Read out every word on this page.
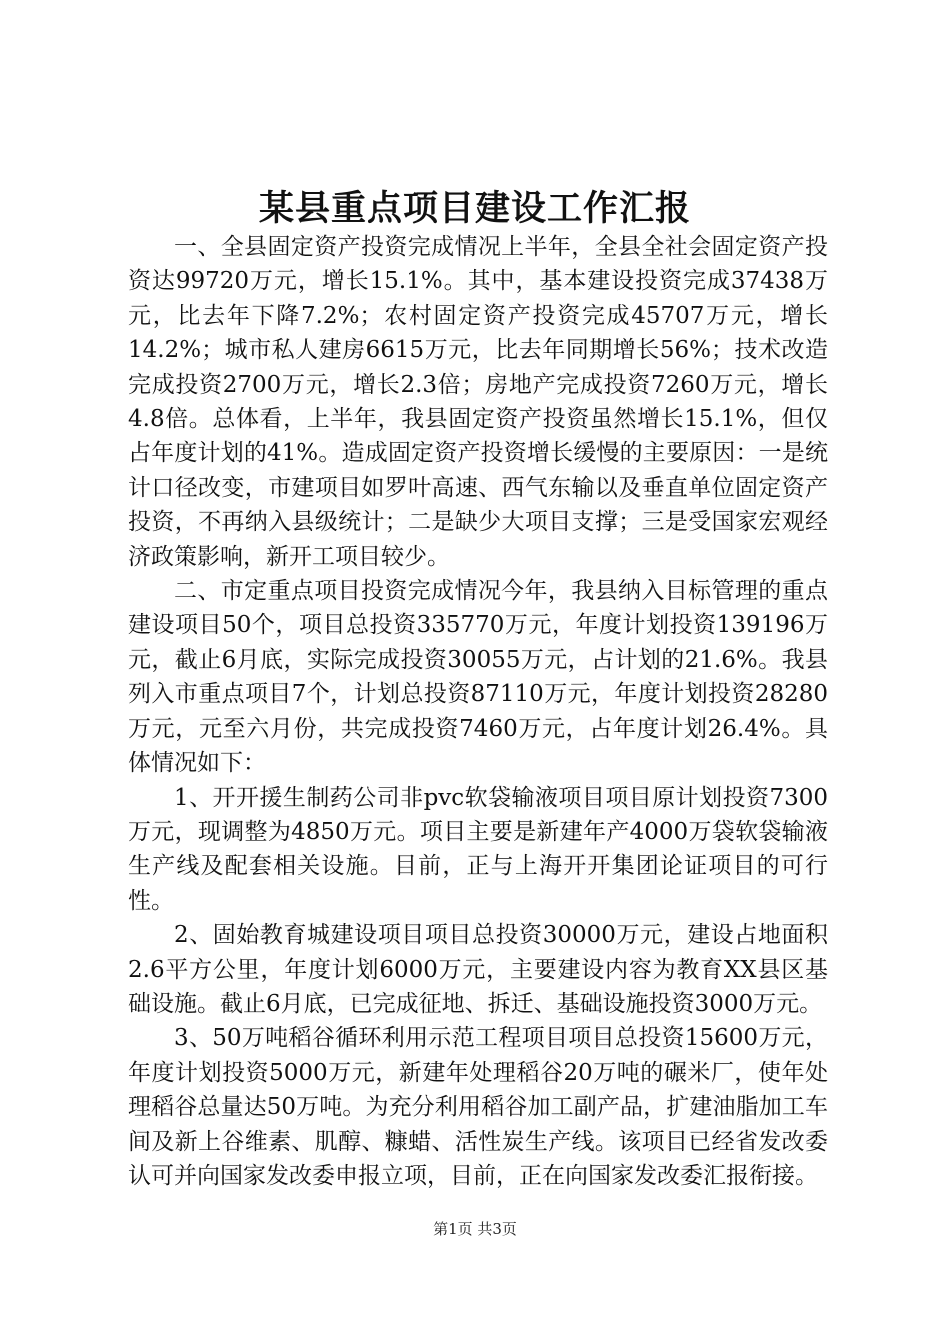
某县重点项目建设工作汇报

一、全县固定资产投资完成情况上半年，全县全社会固定资产投资达99720万元，增长15.1%。其中，基本建设投资完成37438万元，比去年下降7.2%；农村固定资产投资完成45707万元，增长14.2%；城市私人建房6615万元，比去年同期增长56%；技术改造完成投资2700万元，增长2.3倍；房地产完成投资7260万元，增长4.8倍。总体看，上半年，我县固定资产投资虽然增长15.1%，但仅占年度计划的41%。造成固定资产投资增长缓慢的主要原因：一是统计口径改变，市建项目如罗叶高速、西气东输以及垂直单位固定资产投资，不再纳入县级统计；二是缺少大项目支撑；三是受国家宏观经济政策影响，新开工项目较少。

二、市定重点项目投资完成情况今年，我县纳入目标管理的重点建设项目50个，项目总投资335770万元，年度计划投资139196万元，截止6月底，实际完成投资30055万元，占计划的21.6%。我县列入市重点项目7个，计划总投资87110万元，年度计划投资28280万元，元至六月份，共完成投资7460万元，占年度计划26.4%。具体情况如下：

1、开开援生制药公司非pvc软袋输液项目项目原计划投资7300万元，现调整为4850万元。项目主要是新建年产4000万袋软袋输液生产线及配套相关设施。目前，正与上海开开集团论证项目的可行性。

2、固始教育城建设项目项目总投资30000万元，建设占地面积2.6平方公里，年度计划6000万元，主要建设内容为教育XX县区基础设施。截止6月底，已完成征地、拆迁、基础设施投资3000万元。

3、50万吨稻谷循环利用示范工程项目项目总投资15600万元，年度计划投资5000万元，新建年处理稻谷20万吨的碾米厂，使年处理稻谷总量达50万吨。为充分利用稻谷加工副产品，扩建油脂加工车间及新上谷维素、肌醇、糠蜡、活性炭生产线。该项目已经省发改委认可并向国家发改委申报立项，目前，正在向国家发改委汇报衔接。

第1页 共3页
